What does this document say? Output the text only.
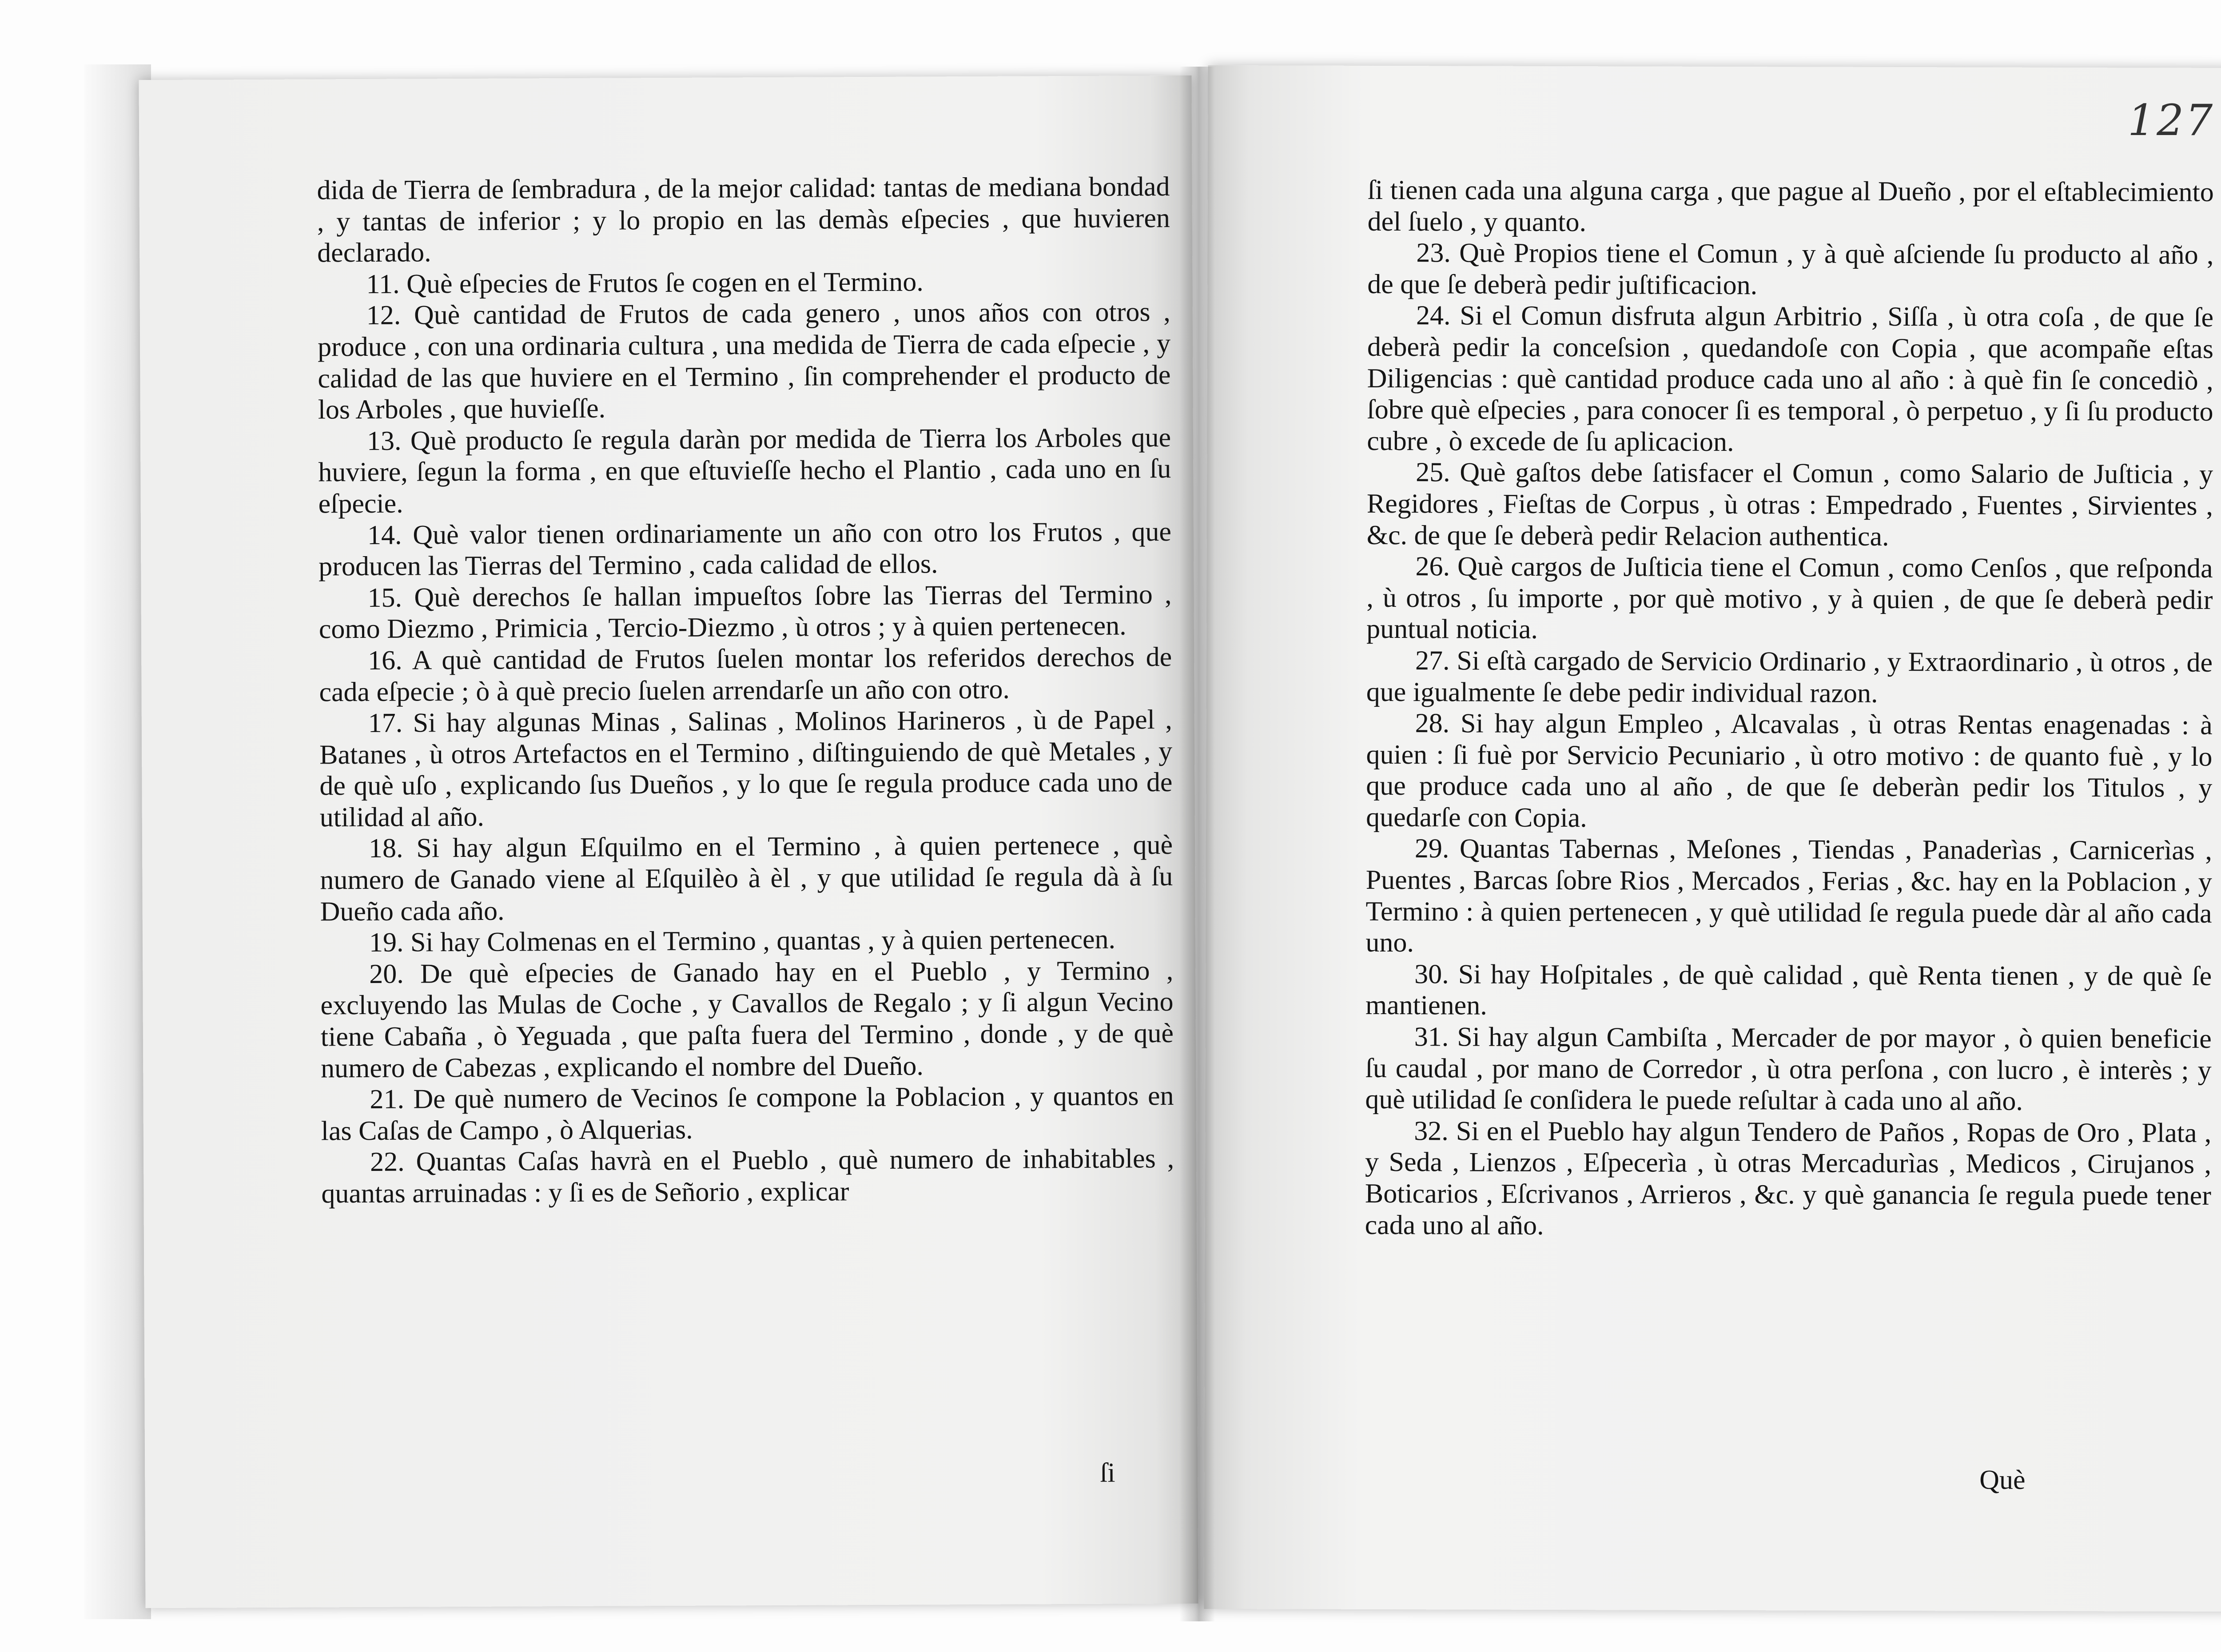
dida de Tierra de ſembradura , de la mejor calidad: tantas de mediana bondad , y tantas de inferior ; y lo propio en las demàs eſpecies , que huvieren declarado.

11. Què eſpecies de Frutos ſe cogen en el Termino.

12. Què cantidad de Frutos de cada genero , unos años con otros , produce , con una ordinaria cultura , una medida de Tierra de cada eſpecie , y calidad de las que huviere en el Termino , ſin comprehender el producto de los Arboles , que huvieſſe.

13. Què producto ſe regula daràn por medida de Tierra los Arboles que huviere, ſegun la forma , en que eſtuvieſſe hecho el Plantio , cada uno en ſu eſpecie.

14. Què valor tienen ordinariamente un año con otro los Frutos , que producen las Tierras del Termino , cada calidad de ellos.

15. Què derechos ſe hallan impueſtos ſobre las Tierras del Termino , como Diezmo , Primicia , Tercio-Diezmo , ù otros ; y à quien pertenecen.

16. A què cantidad de Frutos ſuelen montar los referidos derechos de cada eſpecie ; ò à què precio ſuelen arrendarſe un año con otro.

17. Si hay algunas Minas , Salinas , Molinos Harineros , ù de Papel , Batanes , ù otros Artefactos en el Termino , diſtinguiendo de què Metales , y de què uſo , explicando ſus Dueños , y lo que ſe regula produce cada uno de utilidad al año.

18. Si hay algun Eſquilmo en el Termino , à quien pertenece , què numero de Ganado viene al Eſquilèo à èl , y que utilidad ſe regula dà à ſu Dueño cada año.

19. Si hay Colmenas en el Termino , quantas , y à quien pertenecen.

20. De què eſpecies de Ganado hay en el Pueblo , y Termino , excluyendo las Mulas de Coche , y Cavallos de Regalo ; y ſi algun Vecino tiene Cabaña , ò Yeguada , que paſta fuera del Termino , donde , y de què numero de Cabezas , explicando el nombre del Dueño.

21. De què numero de Vecinos ſe compone la Poblacion , y quantos en las Caſas de Campo , ò Alquerias.

22. Quantas Caſas havrà en el Pueblo , què numero de inhabitables , quantas arruinadas : y ſi es de Señorio , explicar

ſi

ſi tienen cada una alguna carga , que pague al Dueño , por el eſtablecimiento del ſuelo , y quanto.

23. Què Propios tiene el Comun , y à què aſciende ſu producto al año , de que ſe deberà pedir juſtificacion.

24. Si el Comun disfruta algun Arbitrio , Siſſa , ù otra coſa , de que ſe deberà pedir la conceſsion , quedandoſe con Copia , que acompañe eſtas Diligencias : què cantidad produce cada uno al año : à què fin ſe concediò , ſobre què eſpecies , para conocer ſi es temporal , ò perpetuo , y ſi ſu producto cubre , ò excede de ſu aplicacion.

25. Què gaſtos debe ſatisfacer el Comun , como Salario de Juſticia , y Regidores , Fieſtas de Corpus , ù otras : Empedrado , Fuentes , Sirvientes , &c. de que ſe deberà pedir Relacion authentica.

26. Què cargos de Juſticia tiene el Comun , como Cenſos , que reſponda , ù otros , ſu importe , por què motivo , y à quien , de que ſe deberà pedir puntual noticia.

27. Si eſtà cargado de Servicio Ordinario , y Extraordinario , ù otros , de que igualmente ſe debe pedir individual razon.

28. Si hay algun Empleo , Alcavalas , ù otras Rentas enagenadas : à quien : ſi fuè por Servicio Pecuniario , ù otro motivo : de quanto fuè , y lo que produce cada uno al año , de que ſe deberàn pedir los Titulos , y quedarſe con Copia.

29. Quantas Tabernas , Meſones , Tiendas , Panaderìas , Carnicerìas , Puentes , Barcas ſobre Rios , Mercados , Ferias , &c. hay en la Poblacion , y Termino : à quien pertenecen , y què utilidad ſe regula puede dàr al año cada uno.

30. Si hay Hoſpitales , de què calidad , què Renta tienen , y de què ſe mantienen.

31. Si hay algun Cambiſta , Mercader de por mayor , ò quien beneficie ſu caudal , por mano de Corredor , ù otra perſona , con lucro , è interès ; y què utilidad ſe conſidera le puede reſultar à cada uno al año.

32. Si en el Pueblo hay algun Tendero de Paños , Ropas de Oro , Plata , y Seda , Lienzos , Eſpecerìa , ù otras Mercadurìas , Medicos , Cirujanos , Boticarios , Eſcrivanos , Arrieros , &c. y què ganancia ſe regula puede tener cada uno al año.

Què
127
